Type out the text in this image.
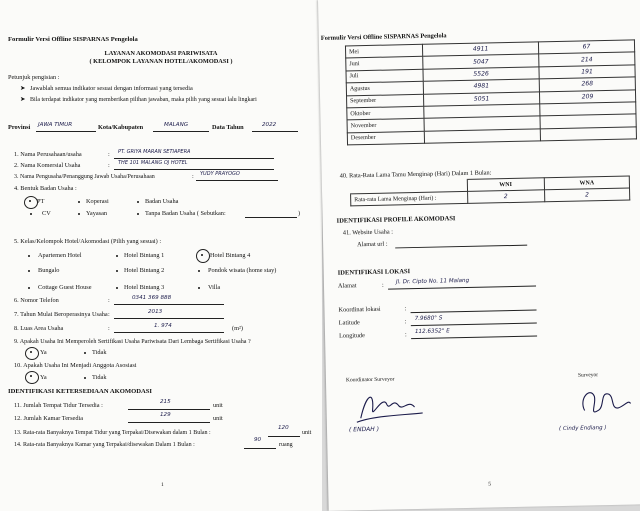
Formulir Versi Offline SISPARNAS Pengelola
LAYANAN AKOMODASI PARIWISATA
( KELOMPOK LAYANAN HOTEL/AKOMODASI )
Petunjuk pengisian :
➤ Jawablah semua indikator sesuai dengan informasi yang tersedia
➤ Bila terdapat indikator yang memberikan pilihan jawaban, maka pilih yang sesuai lalu lingkari
Provinsi JAWA TIMUR	Kota/Kabupaten	MALANG	Data Tahun	2022
1. Nama Perusahaan/usaha	: PT. GRIYA MARAN SETIAPERA
2. Nama Komersial Usaha	: THE 101 MALANG OJ HOTEL
3. Nama Pengusaha/Penanggung Jawab Usaha/Perusahaan	: YUDY PRAYOGO
4. Bentuk Badan Usaha :
PT	Koperasi	Badan Usaha
CV	Yayasan	Tanpa Badan Usaha ( Sebutkan:	)
5. Kelas/Kelompok Hotel/Akomodasi (Pilih yang sesuai) :
Apartemen Hotel	Hotel Bintang 1	Hotel Bintang 4
Bungalo	Hotel Bintang 2	Pondok wisata (home stay)
Cottage Guest House	Hotel Bintang 3	Villa
6. Nomor Telefon	:	0341 369 888
7. Tahun Mulai Beroperasinya Usaha :	2013
8. Luas Area Usaha	:	1. 974	(m²)
9. Apakah Usaha Ini Memperoleh Sertifikasi Usaha Pariwisata Dari Lembaga Sertifikasi Usaha ?
Ya	Tidak
10. Apakah Usaha Ini Menjadi Anggota Asosiasi
Ya	Tidak
IDENTIFIKASI KETERSEDIAAN AKOMODASI
11. Jumlah Tempat Tidur Tersedia :	215	unit
12. Jumlah Kamar Tersedia	129	unit
13. Rata-rata Banyaknya Tempat Tidur yang Terpakai/Disewakan dalam 1 Bulan :
120
unit
14. Rata-rata Banyaknya Kamar yang Terpakai/disewakan Dalam 1 Bulan :
90
ruang
1
Formulir Versi Offline SISPARNAS Pengelola
Mei	4911	67
Juni	5047	214
Juli	5526	191
Agustus	4981	268
September	5051	209
Oktober		
November		
Desember		
40. Rata-Rata Lama Tamu Menginap (Hari) Dalam 1 Bulan:
	WNI	WNA
Rata-rata Lama Menginap (Hari) :	2	2
IDENTIFIKASI PROFILE AKOMODASI
41. Website Usaha :
Alamat url :
IDENTIFIKASI LOKASI
Alamat	: Jl. Dr. Cipto No. 11 Malang
Koordinat lokasi	:
Latitude	: 7.9680° S
Longitude	: 112.6352° E
Koordinator Surveyor
( ENDAH )
Surveyor
( Cindy Endiang )
5
